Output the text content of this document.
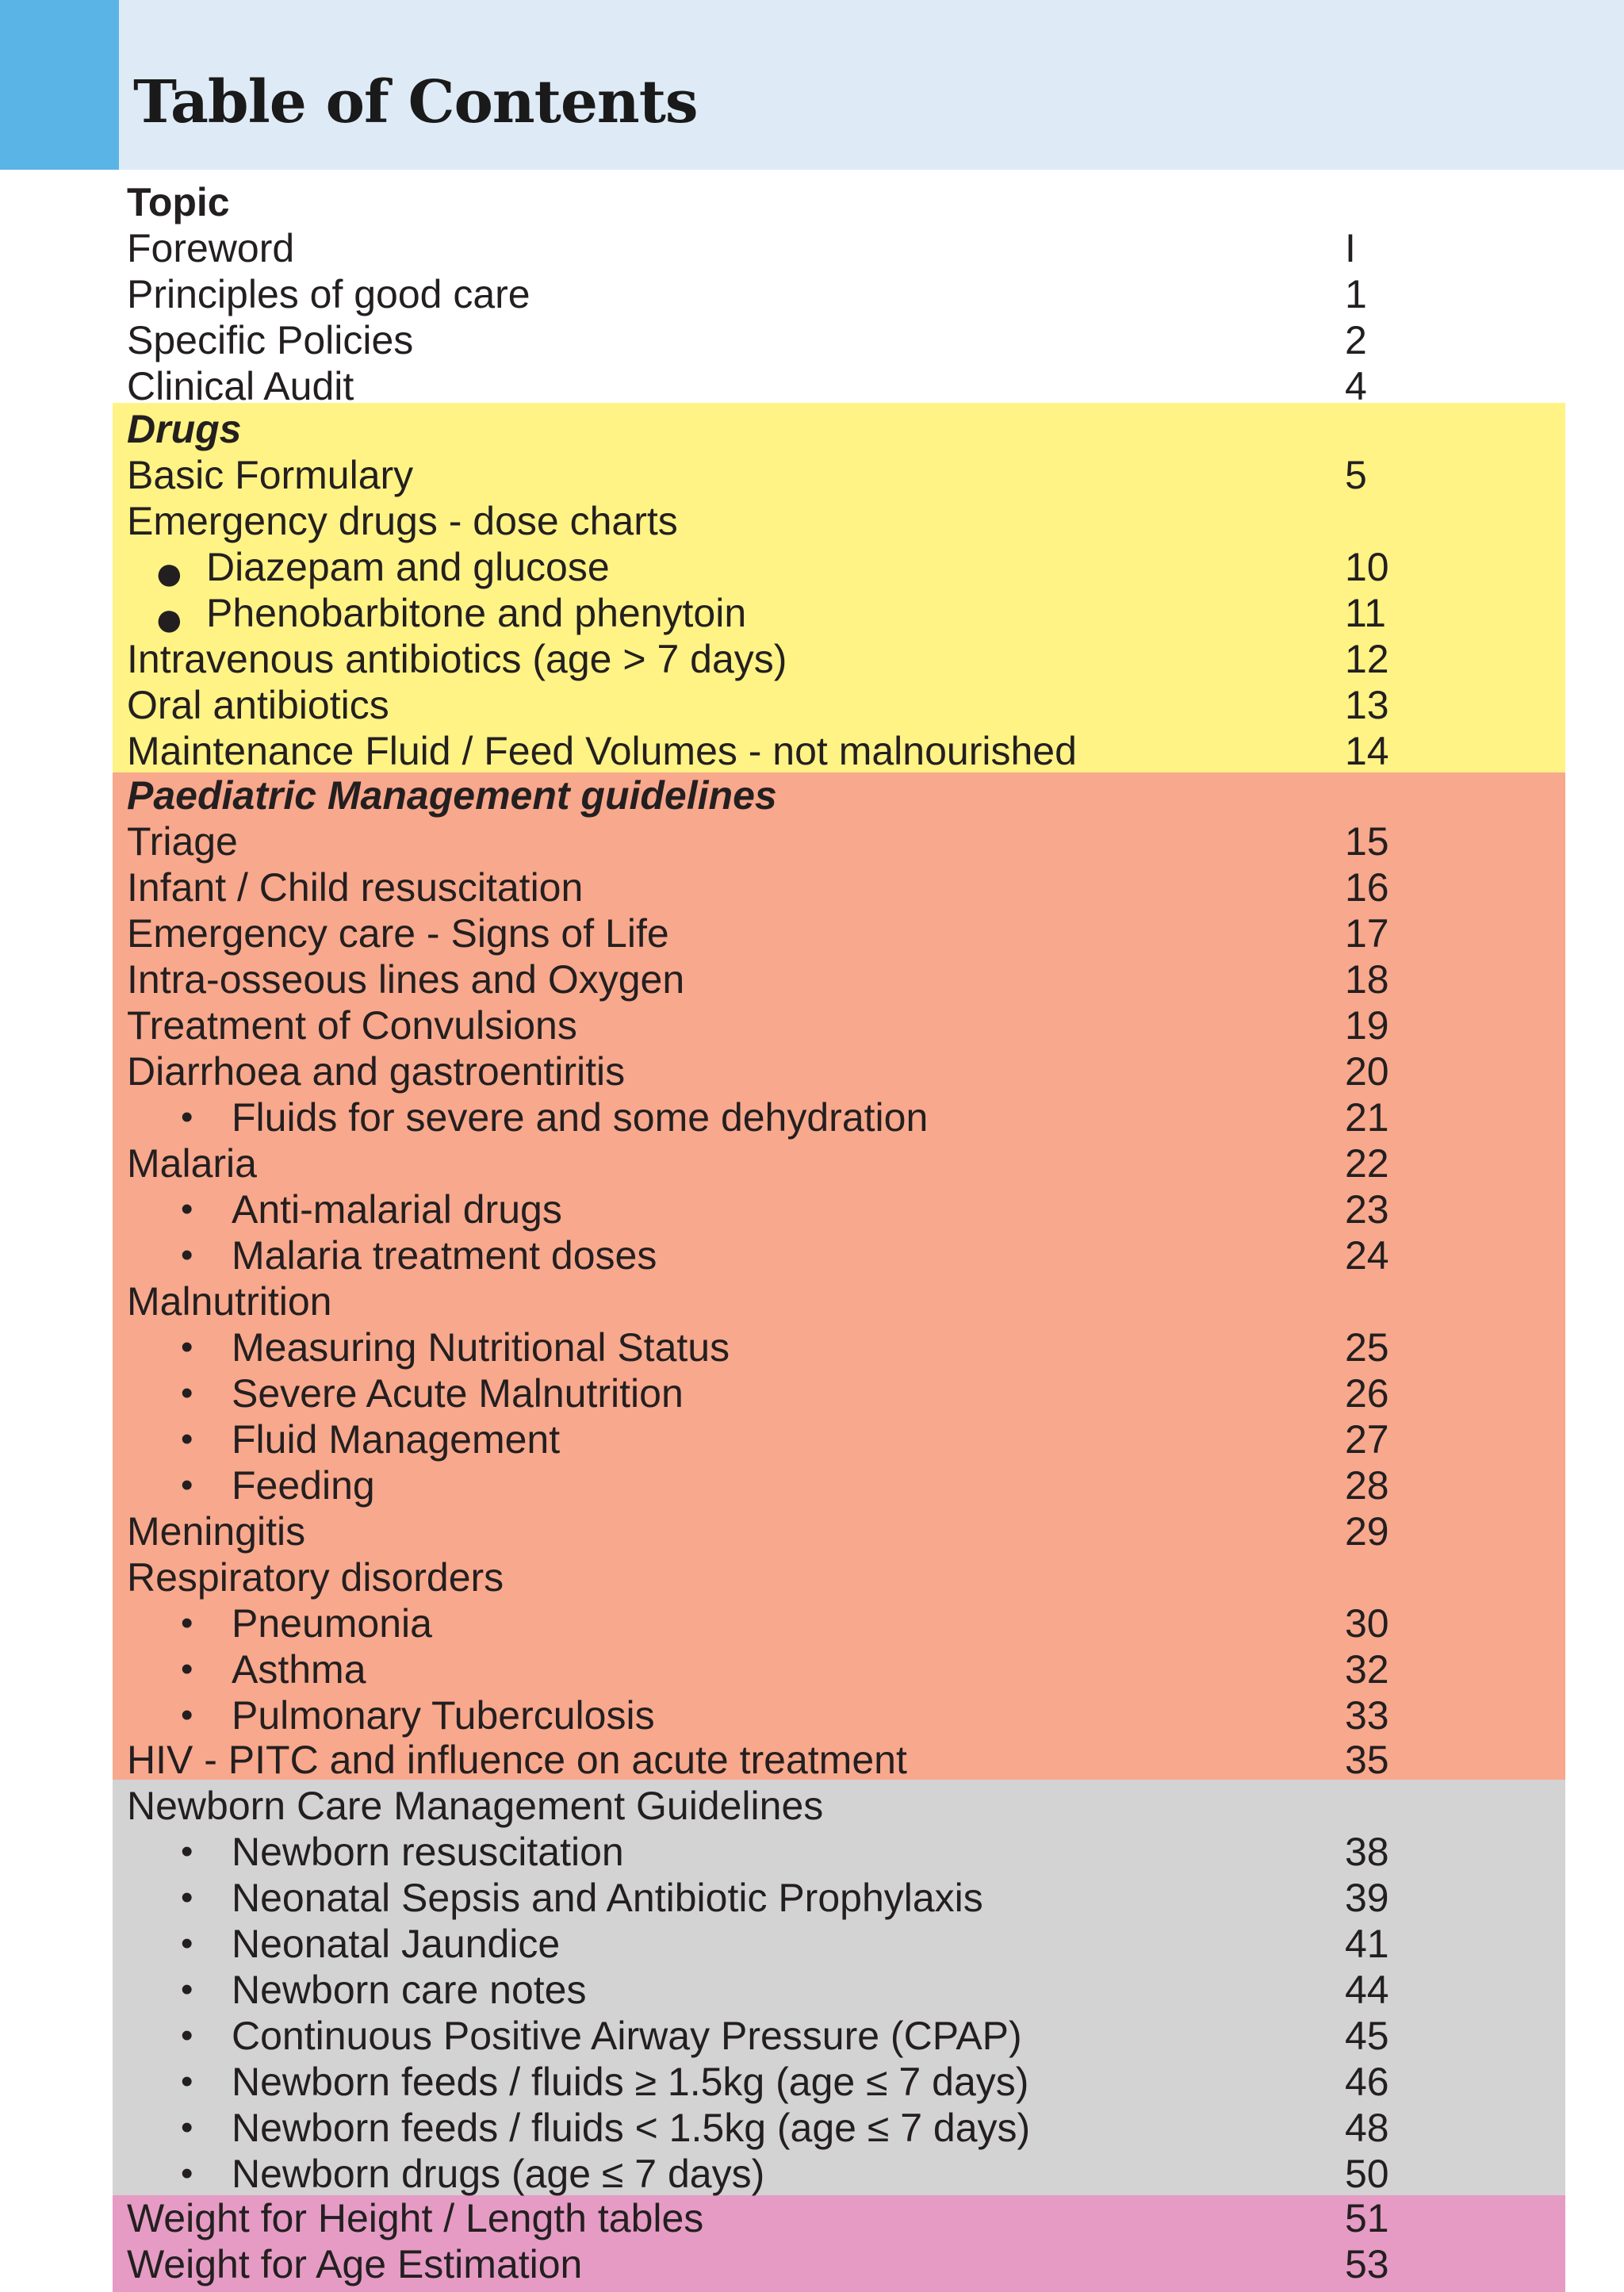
Table of Contents
Topic
Foreword	I
Principles of good care	1
Specific Policies	2
Clinical Audit	4
Drugs
Basic Formulary	5
Emergency drugs - dose charts
● Diazepam and glucose	10
● Phenobarbitone and phenytoin	11
Intravenous antibiotics (age > 7 days)	12
Oral antibiotics	13
Maintenance Fluid / Feed Volumes - not malnourished	14
Paediatric Management guidelines
Triage	15
Infant / Child resuscitation	16
Emergency care - Signs of Life	17
Intra-osseous lines and Oxygen	18
Treatment of Convulsions	19
Diarrhoea and gastroentiritis	20
• Fluids for severe and some dehydration	21
Malaria	22
• Anti-malarial drugs	23
• Malaria treatment doses	24
Malnutrition
• Measuring Nutritional Status	25
• Severe Acute Malnutrition	26
• Fluid Management	27
• Feeding	28
Meningitis	29
Respiratory disorders
• Pneumonia	30
• Asthma	32
• Pulmonary Tuberculosis	33
HIV - PITC and influence on acute treatment	35
Newborn Care Management Guidelines
• Newborn resuscitation	38
• Neonatal Sepsis and Antibiotic Prophylaxis	39
• Neonatal Jaundice	41
• Newborn care notes	44
• Continuous Positive Airway Pressure (CPAP)	45
• Newborn feeds / fluids ≥ 1.5kg (age ≤ 7 days)	46
• Newborn feeds / fluids < 1.5kg (age ≤ 7 days)	48
• Newborn drugs (age ≤ 7 days)	50
Weight for Height / Length tables	51
Weight for Age Estimation	53
